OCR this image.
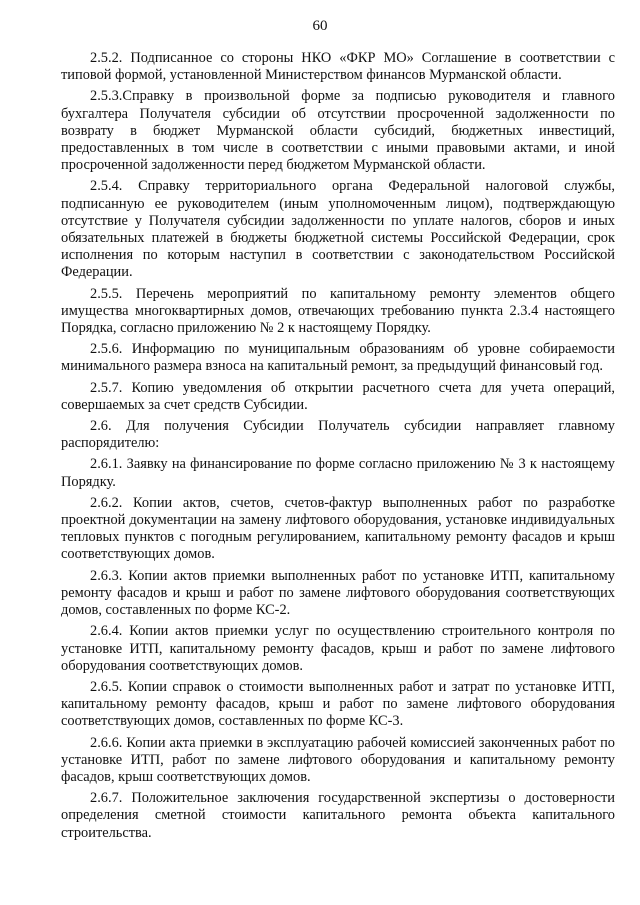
60

2.5.2. Подписанное со стороны НКО «ФКР МО» Соглашение в соответствии с типовой формой, установленной Министерством финансов Мурманской области.

2.5.3.Справку в произвольной форме за подписью руководителя и главного бухгалтера Получателя субсидии об отсутствии просроченной задолженности по возврату в бюджет Мурманской области субсидий, бюджетных инвестиций, предоставленных в том числе в соответствии с иными правовыми актами, и иной просроченной задолженности перед бюджетом Мурманской области.

2.5.4. Справку территориального органа Федеральной налоговой службы, подписанную ее руководителем (иным уполномоченным лицом), подтверждающую отсутствие у Получателя субсидии задолженности по уплате налогов, сборов и иных обязательных платежей в бюджеты бюджетной системы Российской Федерации, срок исполнения по которым наступил в соответствии с законодательством Российской Федерации.

2.5.5. Перечень мероприятий по капитальному ремонту элементов общего имущества многоквартирных домов, отвечающих требованию пункта 2.3.4 настоящего Порядка, согласно приложению № 2 к настоящему Порядку.

2.5.6. Информацию по муниципальным образованиям об уровне собираемости минимального размера взноса на капитальный ремонт, за предыдущий финансовый год.

2.5.7. Копию уведомления об открытии расчетного счета для учета операций, совершаемых за счет средств Субсидии.

2.6. Для получения Субсидии Получатель субсидии направляет главному распорядителю:

2.6.1. Заявку на финансирование по форме согласно приложению № 3 к настоящему Порядку.

2.6.2. Копии актов, счетов, счетов-фактур выполненных работ по разработке проектной документации на замену лифтового оборудования, установке индивидуальных тепловых пунктов с погодным регулированием, капитальному ремонту фасадов и крыш соответствующих домов.

2.6.3. Копии актов приемки выполненных работ по установке ИТП, капитальному ремонту фасадов и крыш и работ по замене лифтового оборудования соответствующих домов, составленных по форме КС-2.

2.6.4. Копии актов приемки услуг по осуществлению строительного контроля по установке ИТП, капитальному ремонту фасадов, крыш и работ по замене лифтового оборудования соответствующих домов.

2.6.5. Копии справок о стоимости выполненных работ и затрат по установке ИТП, капитальному ремонту фасадов, крыш и работ по замене лифтового оборудования соответствующих домов, составленных по форме КС-3.

2.6.6. Копии акта приемки в эксплуатацию рабочей комиссией законченных работ по установке ИТП, работ по замене лифтового оборудования и капитальному ремонту фасадов, крыш соответствующих домов.

2.6.7. Положительное заключения государственной экспертизы о достоверности определения сметной стоимости капитального ремонта объекта капитального строительства.
